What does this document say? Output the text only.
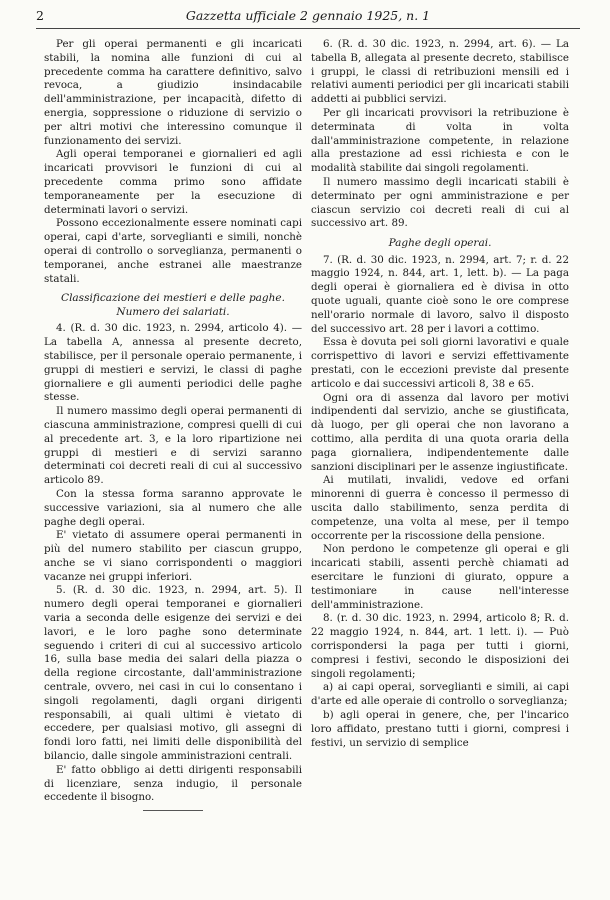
2	Gazzetta ufficiale 2 gennaio 1925, n. 1

Per gli operai permanenti e gli incaricati stabili, la nomina alle funzioni di cui al precedente comma ha carattere definitivo, salvo revoca, a giudizio insindacabile dell'amministrazione, per incapacità, difetto di energia, soppressione o riduzione di servizio o per altri motivi che interessino comunque il funzionamento dei servizi.

Agli operai temporanei e giornalieri ed agli incaricati provvisori le funzioni di cui al precedente comma primo sono affidate temporaneamente per la esecuzione di determinati lavori o servizi.

Possono eccezionalmente essere nominati capi operai, capi d'arte, sorveglianti e simili, nonchè operai di controllo o sorveglianza, permanenti o temporanei, anche estranei alle maestranze statali.

Classificazione dei mestieri e delle paghe. Numero dei salariati.

4. (R. d. 30 dic. 1923, n. 2994, articolo 4). — La tabella A, annessa al presente decreto, stabilisce, per il personale operaio permanente, i gruppi di mestieri e servizi, le classi di paghe giornaliere e gli aumenti periodici delle paghe stesse.

Il numero massimo degli operai permanenti di ciascuna amministrazione, compresi quelli di cui al precedente art. 3, e la loro ripartizione nei gruppi di mestieri e di servizi saranno determinati coi decreti reali di cui al successivo articolo 89.

Con la stessa forma saranno approvate le successive variazioni, sia al numero che alle paghe degli operai.

E' vietato di assumere operai permanenti in più del numero stabilito per ciascun gruppo, anche se vi siano corrispondenti o maggiori vacanze nei gruppi inferiori.

5. (R. d. 30 dic. 1923, n. 2994, art. 5). Il numero degli operai temporanei e giornalieri varia a seconda delle esigenze dei servizi e dei lavori, e le loro paghe sono determinate seguendo i criteri di cui al successivo articolo 16, sulla base media dei salari della piazza o della regione circostante, dall'amministrazione centrale, ovvero, nei casi in cui lo consentano i singoli regolamenti, dagli organi dirigenti responsabili, ai quali ultimi è vietato di eccedere, per qualsiasi motivo, gli assegni di fondi loro fatti, nei limiti delle disponibilità del bilancio, dalle singole amministrazioni centrali.

E' fatto obbligo ai detti dirigenti responsabili di licenziare, senza indugio, il personale eccedente il bisogno.

6. (R. d. 30 dic. 1923, n. 2994, art. 6). — La tabella B, allegata al presente decreto, stabilisce i gruppi, le classi di retribuzioni mensili ed i relativi aumenti periodici per gli incaricati stabili addetti ai pubblici servizi.

Per gli incaricati provvisori la retribuzione è determinata di volta in volta dall'amministrazione competente, in relazione alla prestazione ad essi richiesta e con le modalità stabilite dai singoli regolamenti.

Il numero massimo degli incaricati stabili è determinato per ogni amministrazione e per ciascun servizio coi decreti reali di cui al successivo art. 89.

Paghe degli operai.

7. (R. d. 30 dic. 1923, n. 2994, art. 7; r. d. 22 maggio 1924, n. 844, art. 1, lett. b). — La paga degli operai è giornaliera ed è divisa in otto quote uguali, quante cioè sono le ore comprese nell'orario normale di lavoro, salvo il disposto del successivo art. 28 per i lavori a cottimo.

Essa è dovuta pei soli giorni lavorativi e quale corrispettivo di lavori e servizi effettivamente prestati, con le eccezioni previste dal presente articolo e dai successivi articoli 8, 38 e 65.

Ogni ora di assenza dal lavoro per motivi indipendenti dal servizio, anche se giustificata, dà luogo, per gli operai che non lavorano a cottimo, alla perdita di una quota oraria della paga giornaliera, indipendentemente dalle sanzioni disciplinari per le assenze ingiustificate.

Ai mutilati, invalidi, vedove ed orfani minorenni di guerra è concesso il permesso di uscita dallo stabilimento, senza perdita di competenze, una volta al mese, per il tempo occorrente per la riscossione della pensione.

Non perdono le competenze gli operai e gli incaricati stabili, assenti perchè chiamati ad esercitare le funzioni di giurato, oppure a testimoniare in cause nell'interesse dell'amministrazione.

8. (r. d. 30 dic. 1923, n. 2994, articolo 8; R. d. 22 maggio 1924, n. 844, art. 1 lett. i). — Può corrispondersi la paga per tutti i giorni, compresi i festivi, secondo le disposizioni dei singoli regolamenti;

a) ai capi operai, sorveglianti e simili, ai capi d'arte ed alle operaie di controllo o sorveglianza;

b) agli operai in genere, che, per l'incarico loro affidato, prestano tutti i giorni, compresi i festivi, un servizio di semplice
